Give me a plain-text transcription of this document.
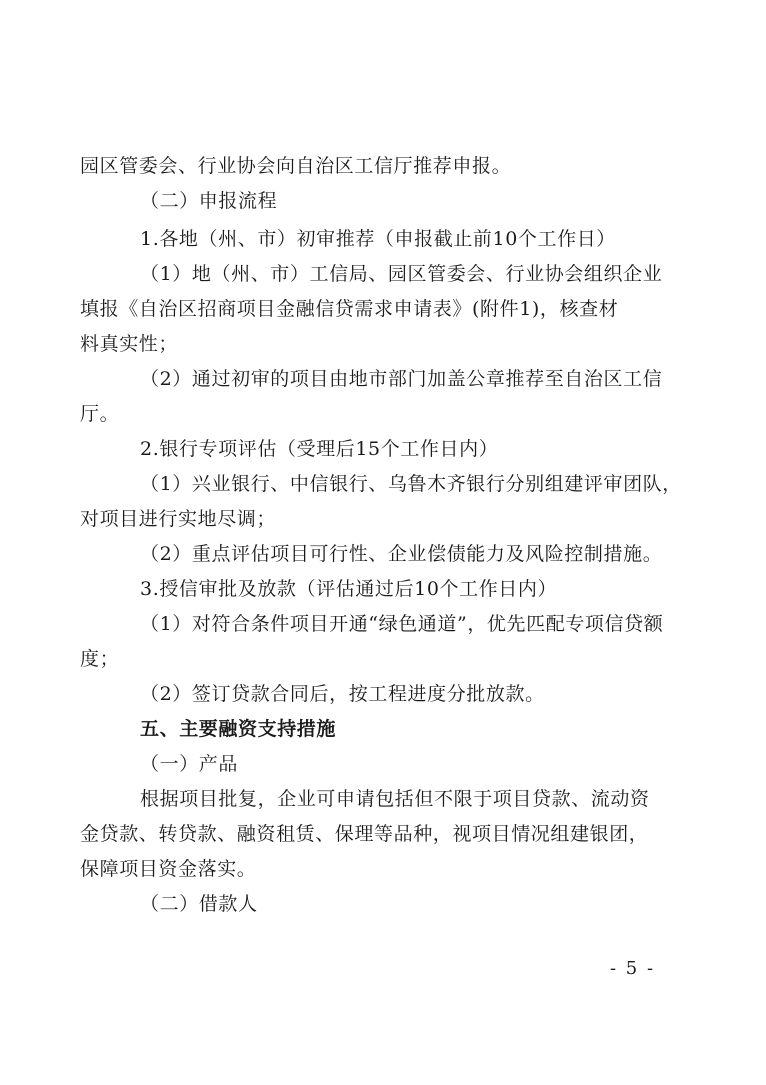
园区管委会、行业协会向自治区工信厅推荐申报。
（二）申报流程
1.各地（州、市）初审推荐（申报截止前10个工作日）
（1）地（州、市）工信局、园区管委会、行业协会组织企业
填报《自治区招商项目金融信贷需求申请表》(附件1)，核查材
料真实性；
（2）通过初审的项目由地市部门加盖公章推荐至自治区工信
厅。
2.银行专项评估（受理后15个工作日内）
（1）兴业银行、中信银行、乌鲁木齐银行分别组建评审团队，
对项目进行实地尽调；
（2）重点评估项目可行性、企业偿债能力及风险控制措施。
3.授信审批及放款（评估通过后10个工作日内）
（1）对符合条件项目开通“绿色通道”，优先匹配专项信贷额
度；
（2）签订贷款合同后，按工程进度分批放款。
五、主要融资支持措施
（一）产品
根据项目批复，企业可申请包括但不限于项目贷款、流动资
金贷款、转贷款、融资租赁、保理等品种，视项目情况组建银团，
保障项目资金落实。
（二）借款人
- 5 -
